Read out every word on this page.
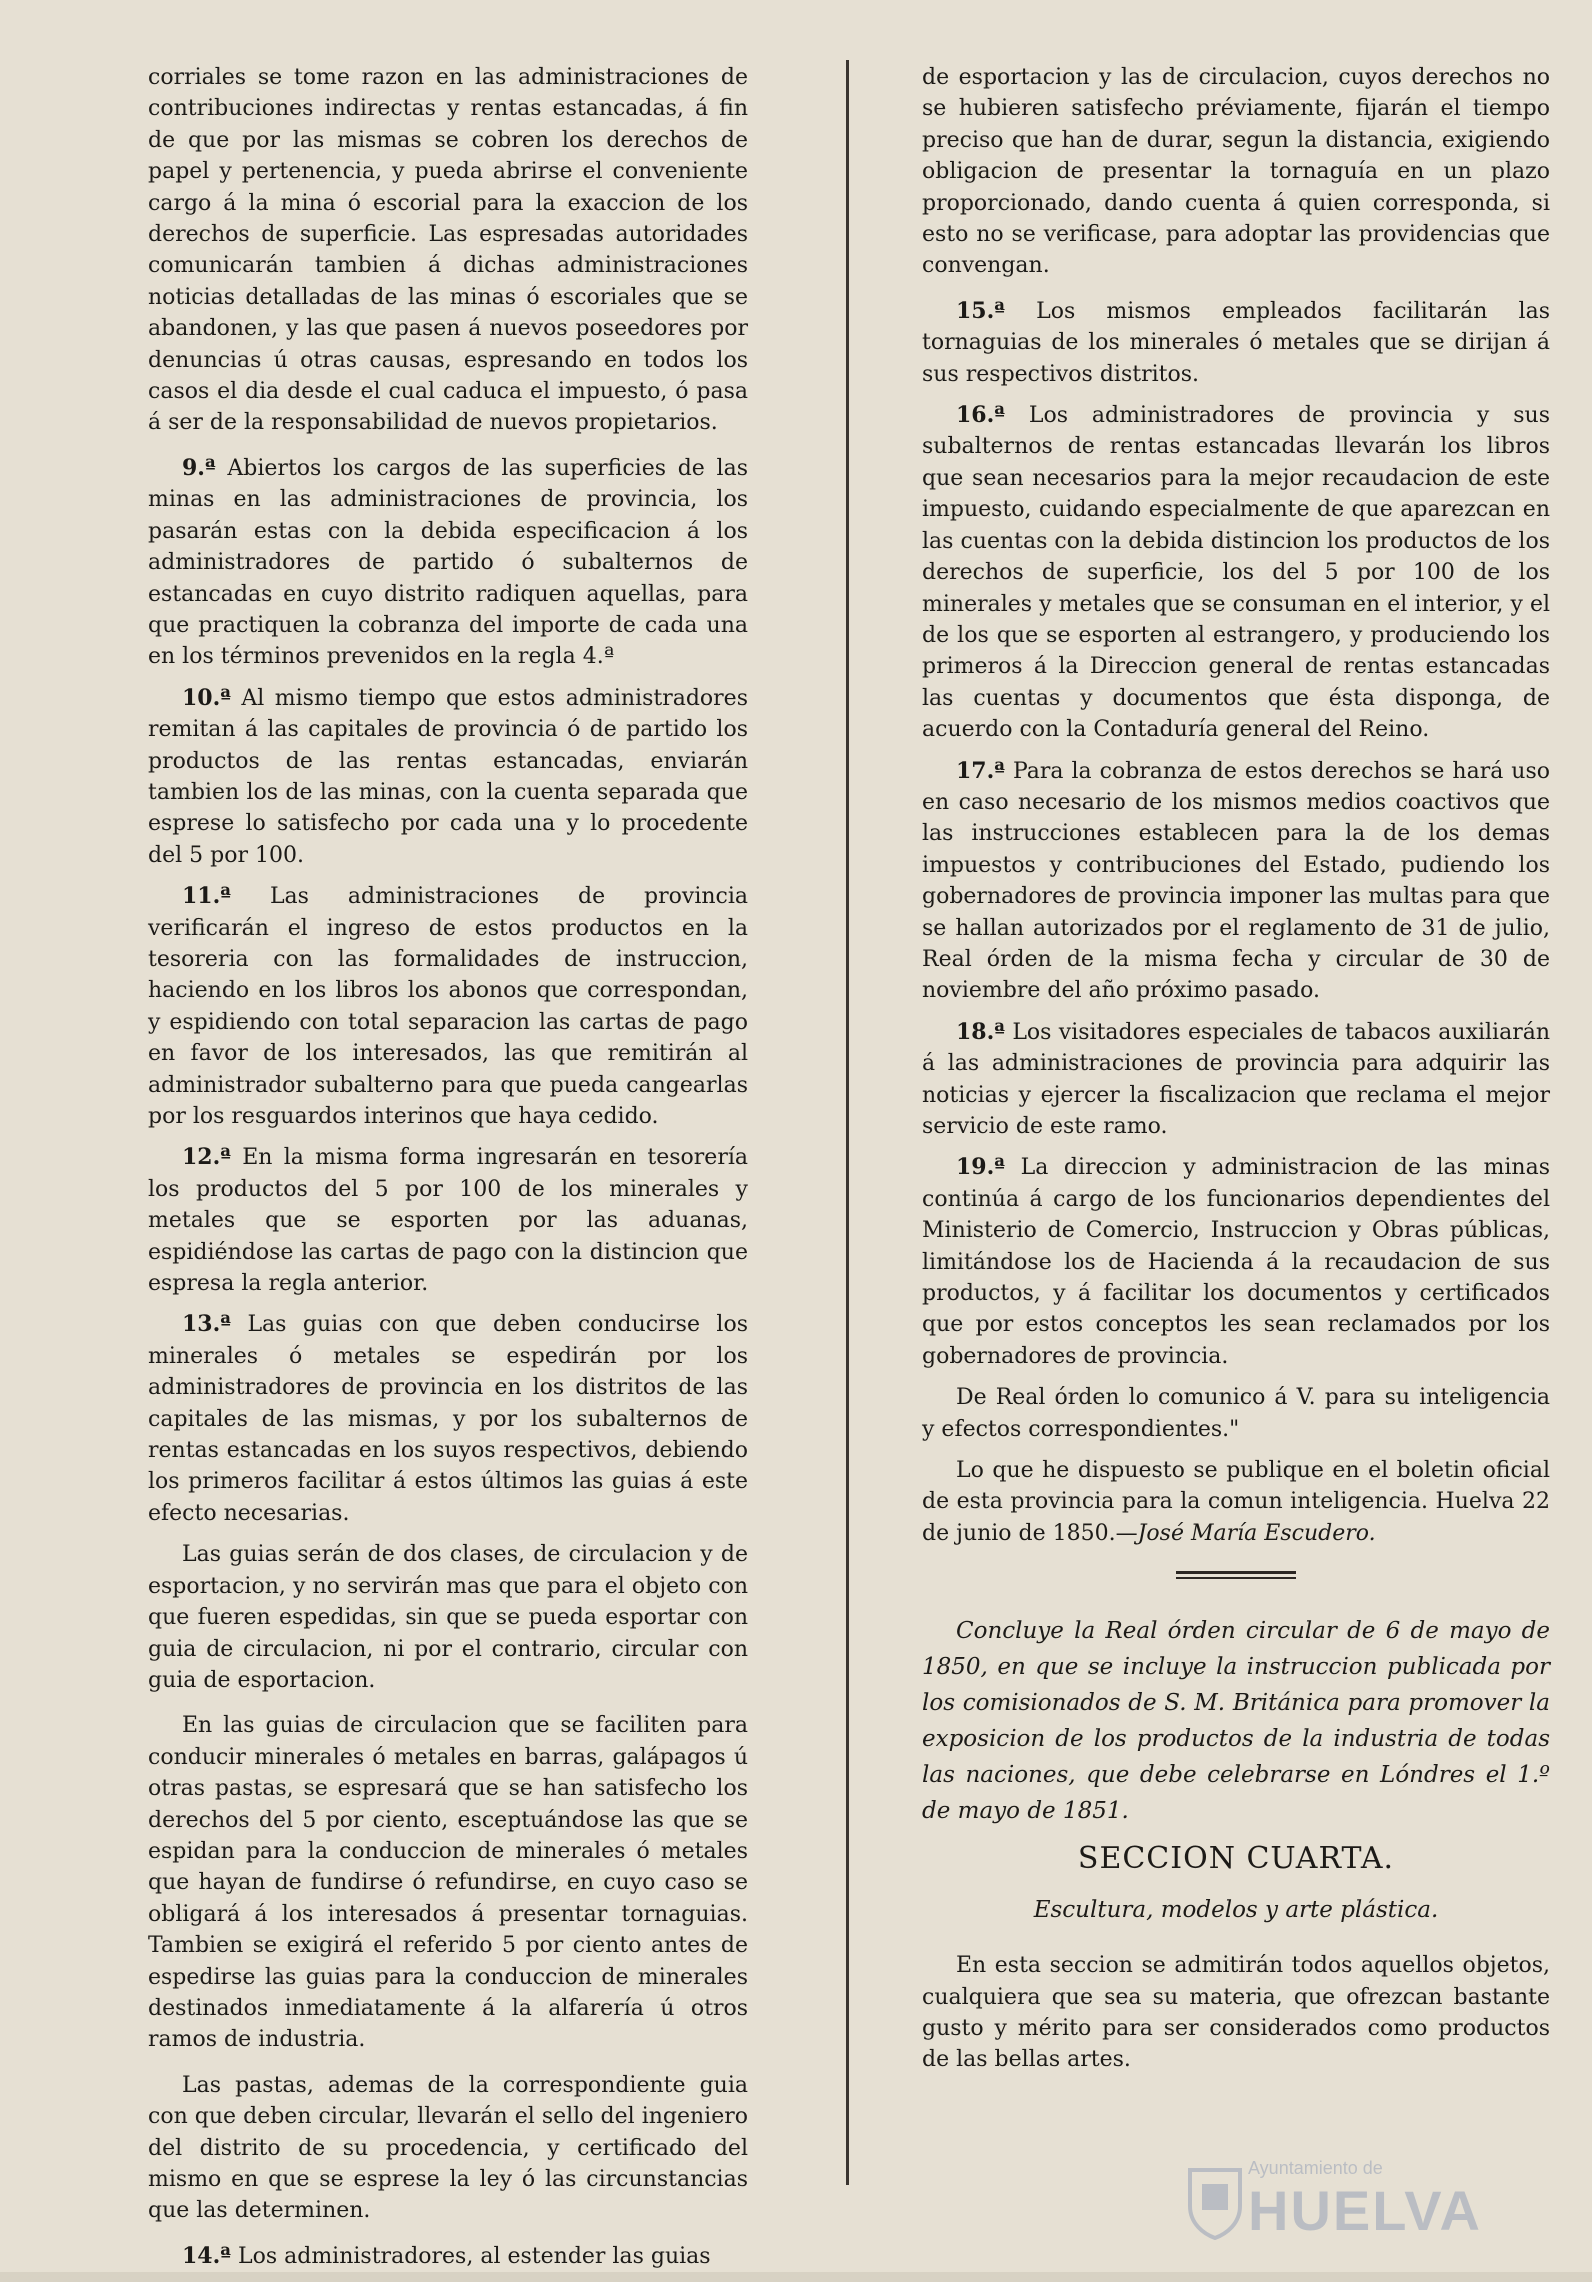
corriales se tome razon en las administraciones de contribuciones indirectas y rentas estancadas, á fin de que por las mismas se cobren los derechos de papel y pertenencia, y pueda abrirse el conveniente cargo á la mina ó escorial para la exaccion de los derechos de superficie. Las espresadas autoridades comunicarán tambien á dichas administraciones noticias detalladas de las minas ó escoriales que se abandonen, y las que pasen á nuevos poseedores por denuncias ú otras causas, espresando en todos los casos el dia desde el cual caduca el impuesto, ó pasa á ser de la responsabilidad de nuevos propietarios.

9.ª Abiertos los cargos de las superficies de las minas en las administraciones de provincia, los pasarán estas con la debida especificacion á los administradores de partido ó subalternos de estancadas en cuyo distrito radiquen aquellas, para que practiquen la cobranza del importe de cada una en los términos prevenidos en la regla 4.ª

10.ª Al mismo tiempo que estos administradores remitan á las capitales de provincia ó de partido los productos de las rentas estancadas, enviarán tambien los de las minas, con la cuenta separada que esprese lo satisfecho por cada una y lo procedente del 5 por 100.

11.ª Las administraciones de provincia verificarán el ingreso de estos productos en la tesoreria con las formalidades de instruccion, haciendo en los libros los abonos que correspondan, y espidiendo con total separacion las cartas de pago en favor de los interesados, las que remitirán al administrador subalterno para que pueda cangearlas por los resguardos interinos que haya cedido.

12.ª En la misma forma ingresarán en tesorería los productos del 5 por 100 de los minerales y metales que se esporten por las aduanas, espidiéndose las cartas de pago con la distincion que espresa la regla anterior.

13.ª Las guias con que deben conducirse los minerales ó metales se espedirán por los administradores de provincia en los distritos de las capitales de las mismas, y por los subalternos de rentas estancadas en los suyos respectivos, debiendo los primeros facilitar á estos últimos las guias á este efecto necesarias.

Las guias serán de dos clases, de circulacion y de esportacion, y no servirán mas que para el objeto con que fueren espedidas, sin que se pueda esportar con guia de circulacion, ni por el contrario, circular con guia de esportacion.

En las guias de circulacion que se faciliten para conducir minerales ó metales en barras, galápagos ú otras pastas, se espresará que se han satisfecho los derechos del 5 por ciento, esceptuándose las que se espidan para la conduccion de minerales ó metales que hayan de fundirse ó refundirse, en cuyo caso se obligará á los interesados á presentar tornaguias. Tambien se exigirá el referido 5 por ciento antes de espedirse las guias para la conduccion de minerales destinados inmediatamente á la alfarería ú otros ramos de industria.

Las pastas, ademas de la correspondiente guia con que deben circular, llevarán el sello del ingeniero del distrito de su procedencia, y certificado del mismo en que se esprese la ley ó las circunstancias que las determinen.

14.ª Los administradores, al estender las guias

de esportacion y las de circulacion, cuyos derechos no se hubieren satisfecho préviamente, fijarán el tiempo preciso que han de durar, segun la distancia, exigiendo obligacion de presentar la tornaguía en un plazo proporcionado, dando cuenta á quien corresponda, si esto no se verificase, para adoptar las providencias que convengan.

15.ª Los mismos empleados facilitarán las tornaguias de los minerales ó metales que se dirijan á sus respectivos distritos.

16.ª Los administradores de provincia y sus subalternos de rentas estancadas llevarán los libros que sean necesarios para la mejor recaudacion de este impuesto, cuidando especialmente de que aparezcan en las cuentas con la debida distincion los productos de los derechos de superficie, los del 5 por 100 de los minerales y metales que se consuman en el interior, y el de los que se esporten al estrangero, y produciendo los primeros á la Direccion general de rentas estancadas las cuentas y documentos que ésta disponga, de acuerdo con la Contaduría general del Reino.

17.ª Para la cobranza de estos derechos se hará uso en caso necesario de los mismos medios coactivos que las instrucciones establecen para la de los demas impuestos y contribuciones del Estado, pudiendo los gobernadores de provincia imponer las multas para que se hallan autorizados por el reglamento de 31 de julio, Real órden de la misma fecha y circular de 30 de noviembre del año próximo pasado.

18.ª Los visitadores especiales de tabacos auxiliarán á las administraciones de provincia para adquirir las noticias y ejercer la fiscalizacion que reclama el mejor servicio de este ramo.

19.ª La direccion y administracion de las minas continúa á cargo de los funcionarios dependientes del Ministerio de Comercio, Instruccion y Obras públicas, limitándose los de Hacienda á la recaudacion de sus productos, y á facilitar los documentos y certificados que por estos conceptos les sean reclamados por los gobernadores de provincia.

De Real órden lo comunico á V. para su inteligencia y efectos correspondientes."

Lo que he dispuesto se publique en el boletin oficial de esta provincia para la comun inteligencia. Huelva 22 de junio de 1850.—José María Escudero.

Concluye la Real órden circular de 6 de mayo de 1850, en que se incluye la instruccion publicada por los comisionados de S. M. Británica para promover la exposicion de los productos de la industria de todas las naciones, que debe celebrarse en Lóndres el 1.º de mayo de 1851.

SECCION CUARTA.
Escultura, modelos y arte plástica.

En esta seccion se admitirán todos aquellos objetos, cualquiera que sea su materia, que ofrezcan bastante gusto y mérito para ser considerados como productos de las bellas artes.

Ayuntamiento de
HUELVA
